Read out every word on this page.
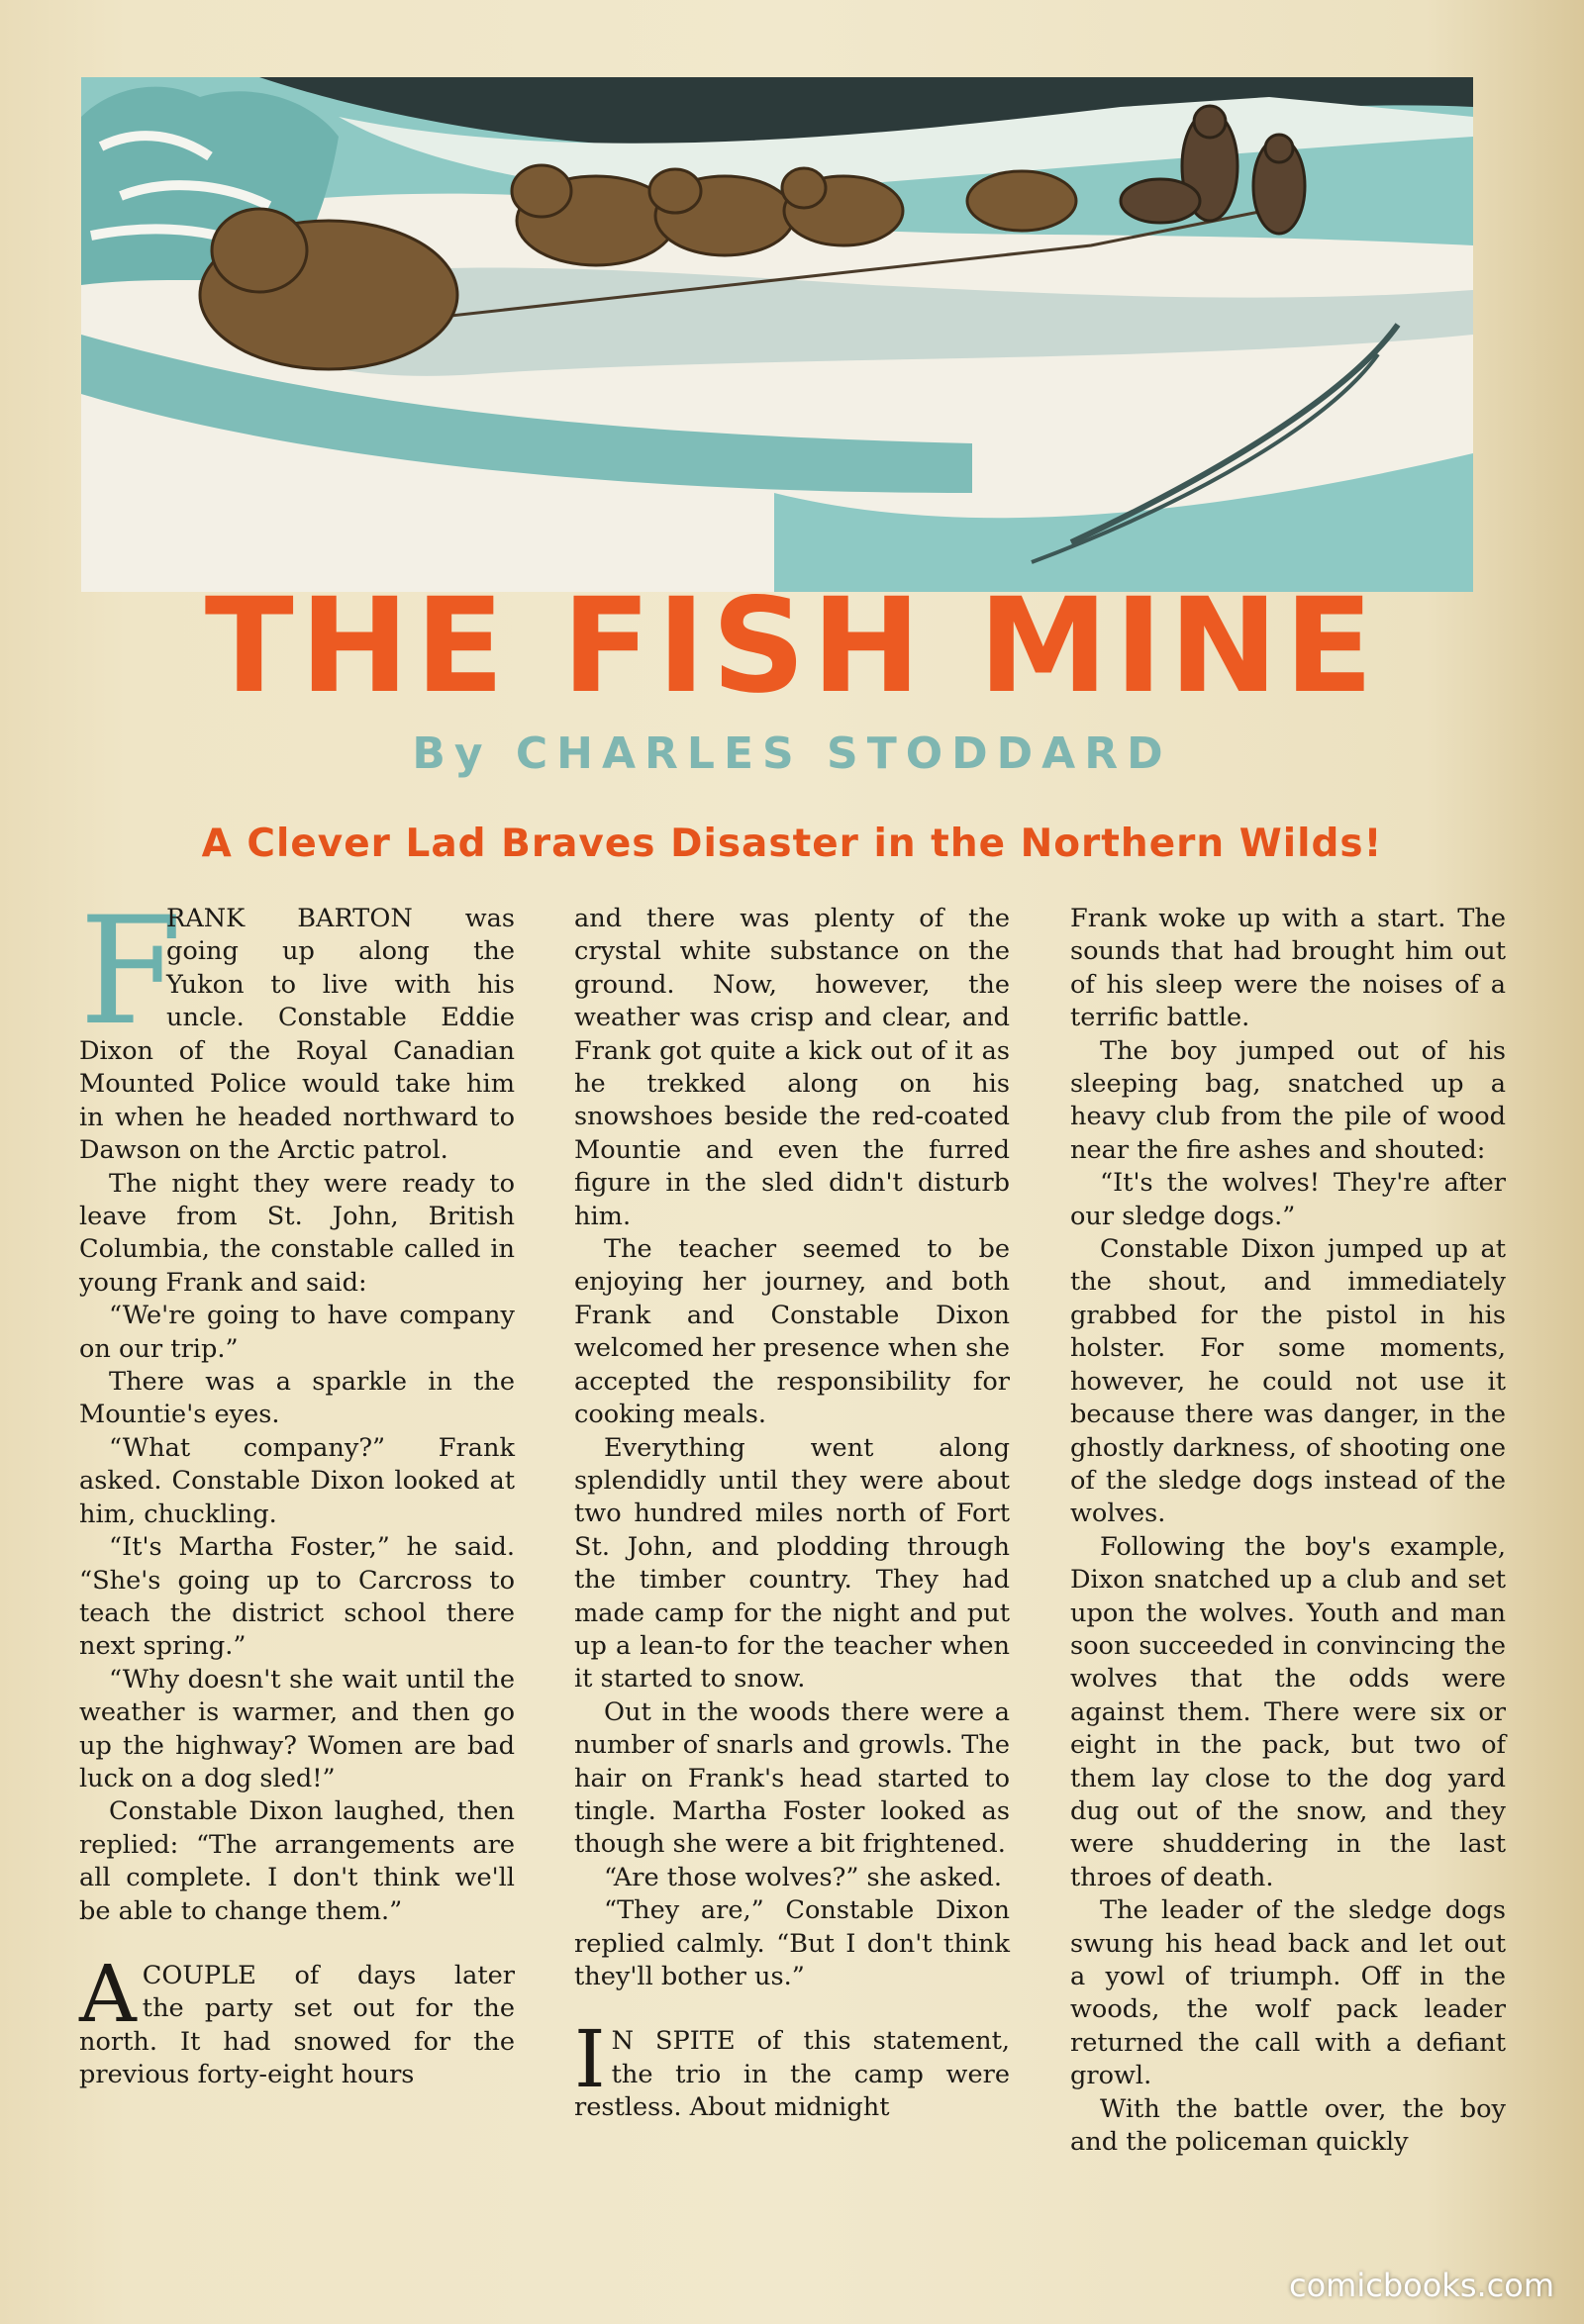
THE FISH MINE
By CHARLES STODDARD
A Clever Lad Braves Disaster in the Northern Wilds!
F
RANK BARTON was
going up along the
Yukon to live with his
uncle. Constable Eddie

Dixon of the Royal Canadian Mounted Police would take him in when he headed northward to Dawson on the Arctic patrol.

The night they were ready to leave from St. John, British Columbia, the constable called in young Frank and said:

“We're going to have company on our trip.”

There was a sparkle in the Mountie's eyes.

“What company?” Frank asked. Constable Dixon looked at him, chuckling.

“It's Martha Foster,” he said. “She's going up to Carcross to teach the district school there next spring.”

“Why doesn't she wait until the weather is warmer, and then go up the highway? Women are bad luck on a dog sled!”

Constable Dixon laughed, then replied: “The arrangements are all complete. I don't think we'll be able to change them.”

A COUPLE of days later
the party set out for the

north. It had snowed for the previous forty-eight hours

and there was plenty of the crystal white substance on the ground. Now, however, the weather was crisp and clear, and Frank got quite a kick out of it as he trekked along on his snowshoes beside the red-coated Mountie and even the furred figure in the sled didn't disturb him.

The teacher seemed to be enjoying her journey, and both Frank and Constable Dixon welcomed her presence when she accepted the responsibility for cooking meals.

Everything went along splendidly until they were about two hundred miles north of Fort St. John, and plodding through the timber country. They had made camp for the night and put up a lean-to for the teacher when it started to snow.

Out in the woods there were a number of snarls and growls. The hair on Frank's head started to tingle. Martha Foster looked as though she were a bit frightened.

“Are those wolves?” she asked.

“They are,” Constable Dixon replied calmly. “But I don't think they'll bother us.”

I N SPITE of this statement,
the trio in the camp were

restless. About midnight

Frank woke up with a start. The sounds that had brought him out of his sleep were the noises of a terrific battle.

The boy jumped out of his sleeping bag, snatched up a heavy club from the pile of wood near the fire ashes and shouted:

“It's the wolves! They're after our sledge dogs.”

Constable Dixon jumped up at the shout, and immediately grabbed for the pistol in his holster. For some moments, however, he could not use it because there was danger, in the ghostly darkness, of shooting one of the sledge dogs instead of the wolves.

Following the boy's example, Dixon snatched up a club and set upon the wolves. Youth and man soon succeeded in convincing the wolves that the odds were against them. There were six or eight in the pack, but two of them lay close to the dog yard dug out of the snow, and they were shuddering in the last throes of death.

The leader of the sledge dogs swung his head back and let out a yowl of triumph. Off in the woods, the wolf pack leader returned the call with a defiant growl.

With the battle over, the boy and the policeman quickly

comicbooks.com
